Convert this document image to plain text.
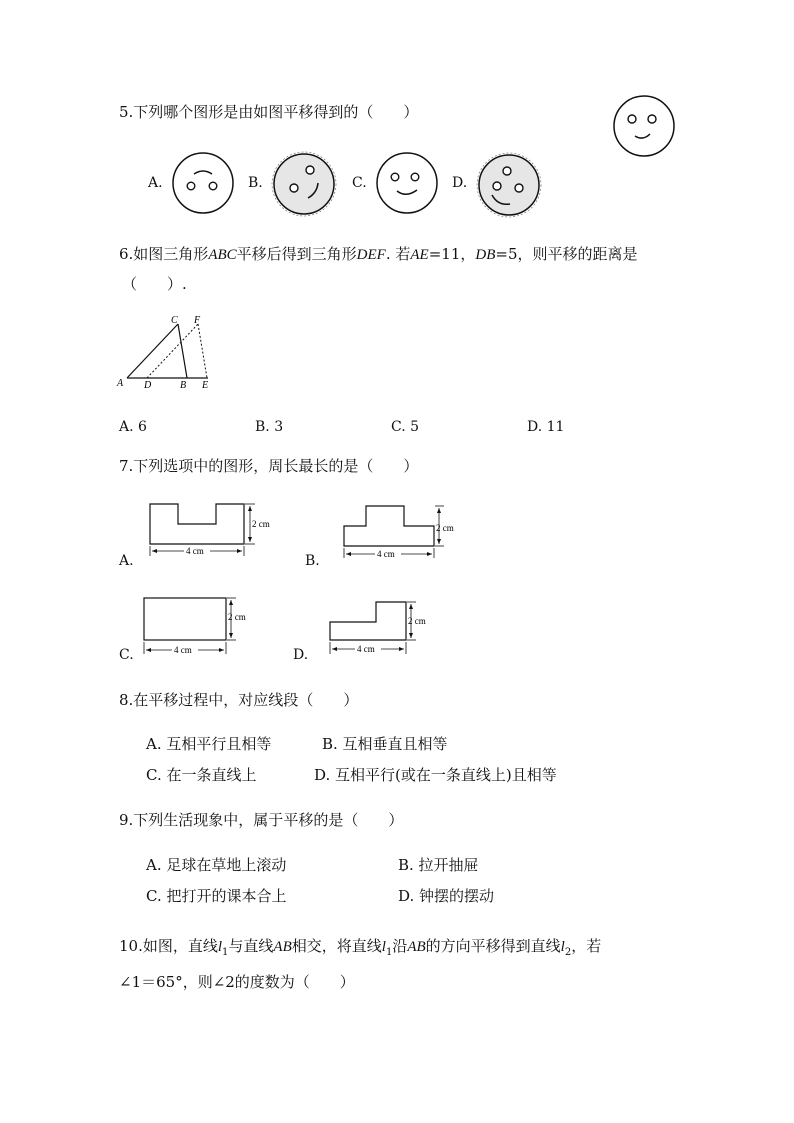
5.下列哪个图形是由如图平移得到的（　　）
A.	B.	C.	D.
6.如图三角形ABC平移后得到三角形DEF. 若AE=11，DB=5，则平移的距离是
（　　）.
A D	B E
C F
A. 6	B. 3	C. 5	D. 11
7.下列选项中的图形，周长最长的是（　　）
A.
4 cm
2 cm
B.	4 cm
2 cm
C.	4 cm
2 cm
D.	4 cm
2 cm
8.在平移过程中，对应线段（　　）
A. 互相平行且相等	B. 互相垂直且相等
C. 在一条直线上	D. 互相平行(或在一条直线上)且相等
9.下列生活现象中，属于平移的是（　　）
A. 足球在草地上滚动	B. 拉开抽屉
C. 把打开的课本合上	D. 钟摆的摆动
10.如图，直线$l_1$与直线AB相交，将直线$l_1$沿AB的方向平移得到直线$l_2$，若
∠1＝65°，则∠2的度数为（　　）
